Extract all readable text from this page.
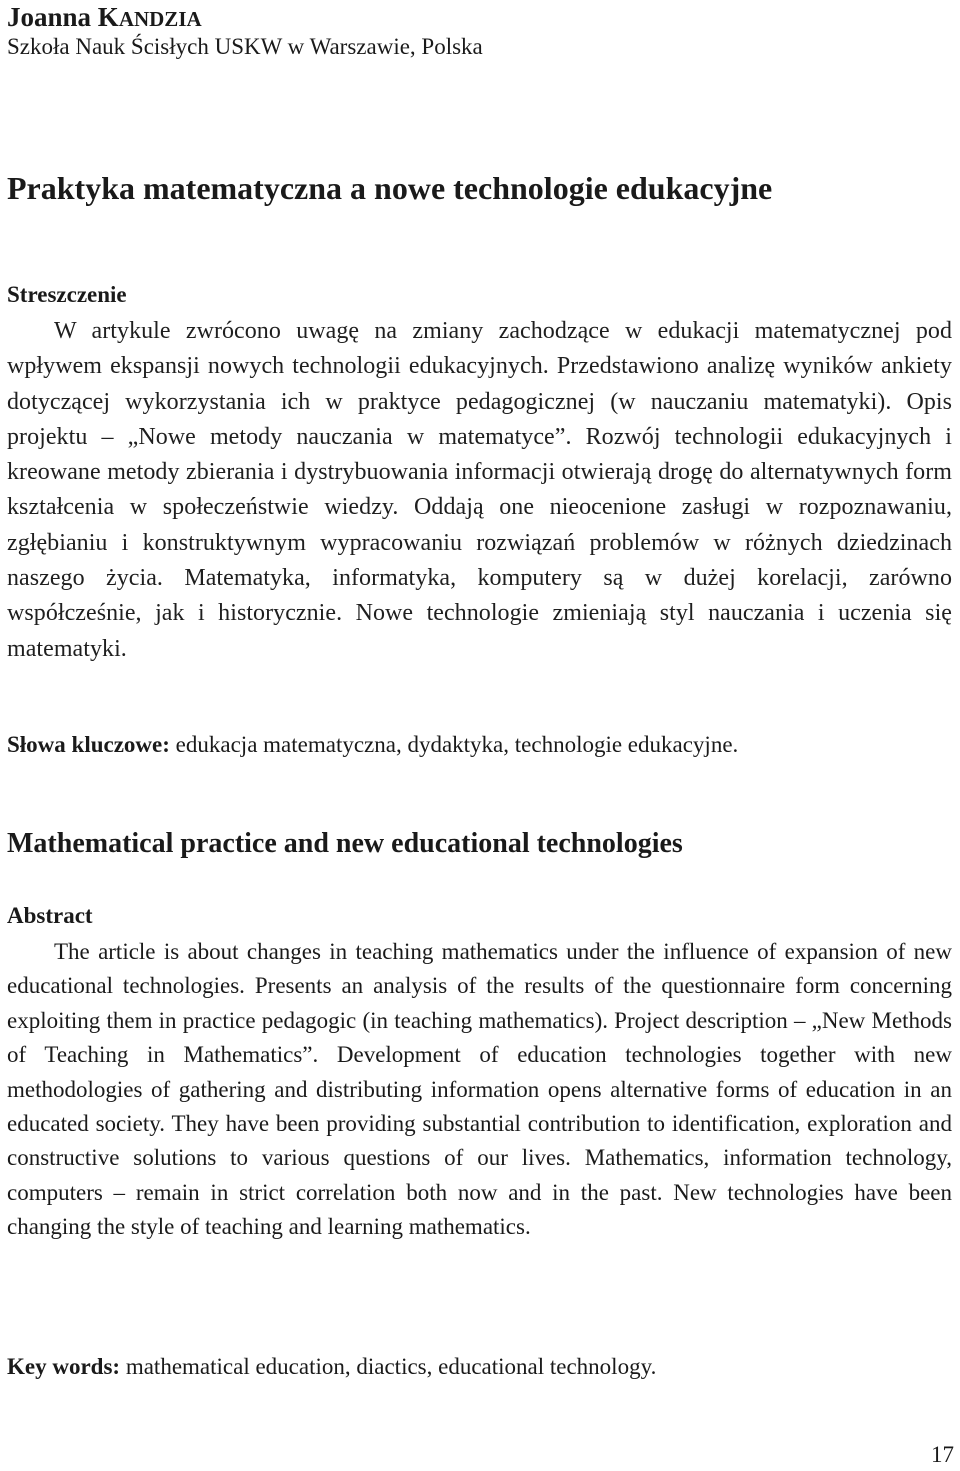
Joanna KANDZIA
Szkoła Nauk Ścisłych USKW w Warszawie, Polska
Praktyka matematyczna a nowe technologie edukacyjne
Streszczenie
W artykule zwrócono uwagę na zmiany zachodzące w edukacji matematycznej pod wpływem ekspansji nowych technologii edukacyjnych. Przedstawiono analizę wyników ankiety dotyczącej wykorzystania ich w praktyce pedagogicznej (w nauczaniu matematyki). Opis projektu – „Nowe metody nauczania w matematyce”. Rozwój technologii edukacyjnych i kreowane metody zbierania i dystrybuowania informacji otwierają drogę do alternatywnych form kształcenia w społeczeństwie wiedzy. Oddają one nieocenione zasługi w rozpoznawaniu, zgłębianiu i konstruktywnym wypracowaniu rozwiązań problemów w różnych dziedzinach naszego życia. Matematyka, informatyka, komputery są w dużej korelacji, zarówno współcześnie, jak i historycznie. Nowe technologie zmieniają styl nauczania i uczenia się matematyki.
Słowa kluczowe: edukacja matematyczna, dydaktyka, technologie edukacyjne.
Mathematical practice and new educational technologies
Abstract
The article is about changes in teaching mathematics under the influence of expansion of new educational technologies. Presents an analysis of the results of the questionnaire form concerning exploiting them in practice pedagogic (in teaching mathematics). Project description – „New Methods of Teaching in Mathematics”. Development of education technologies together with new methodologies of gathering and distributing information opens alternative forms of education in an educated society. They have been providing substantial contribution to identification, exploration and constructive solutions to various questions of our lives. Mathematics, information technology, computers – remain in strict correlation both now and in the past. New technologies have been changing the style of teaching and learning mathematics.
Key words: mathematical education, diactics, educational technology.
17
